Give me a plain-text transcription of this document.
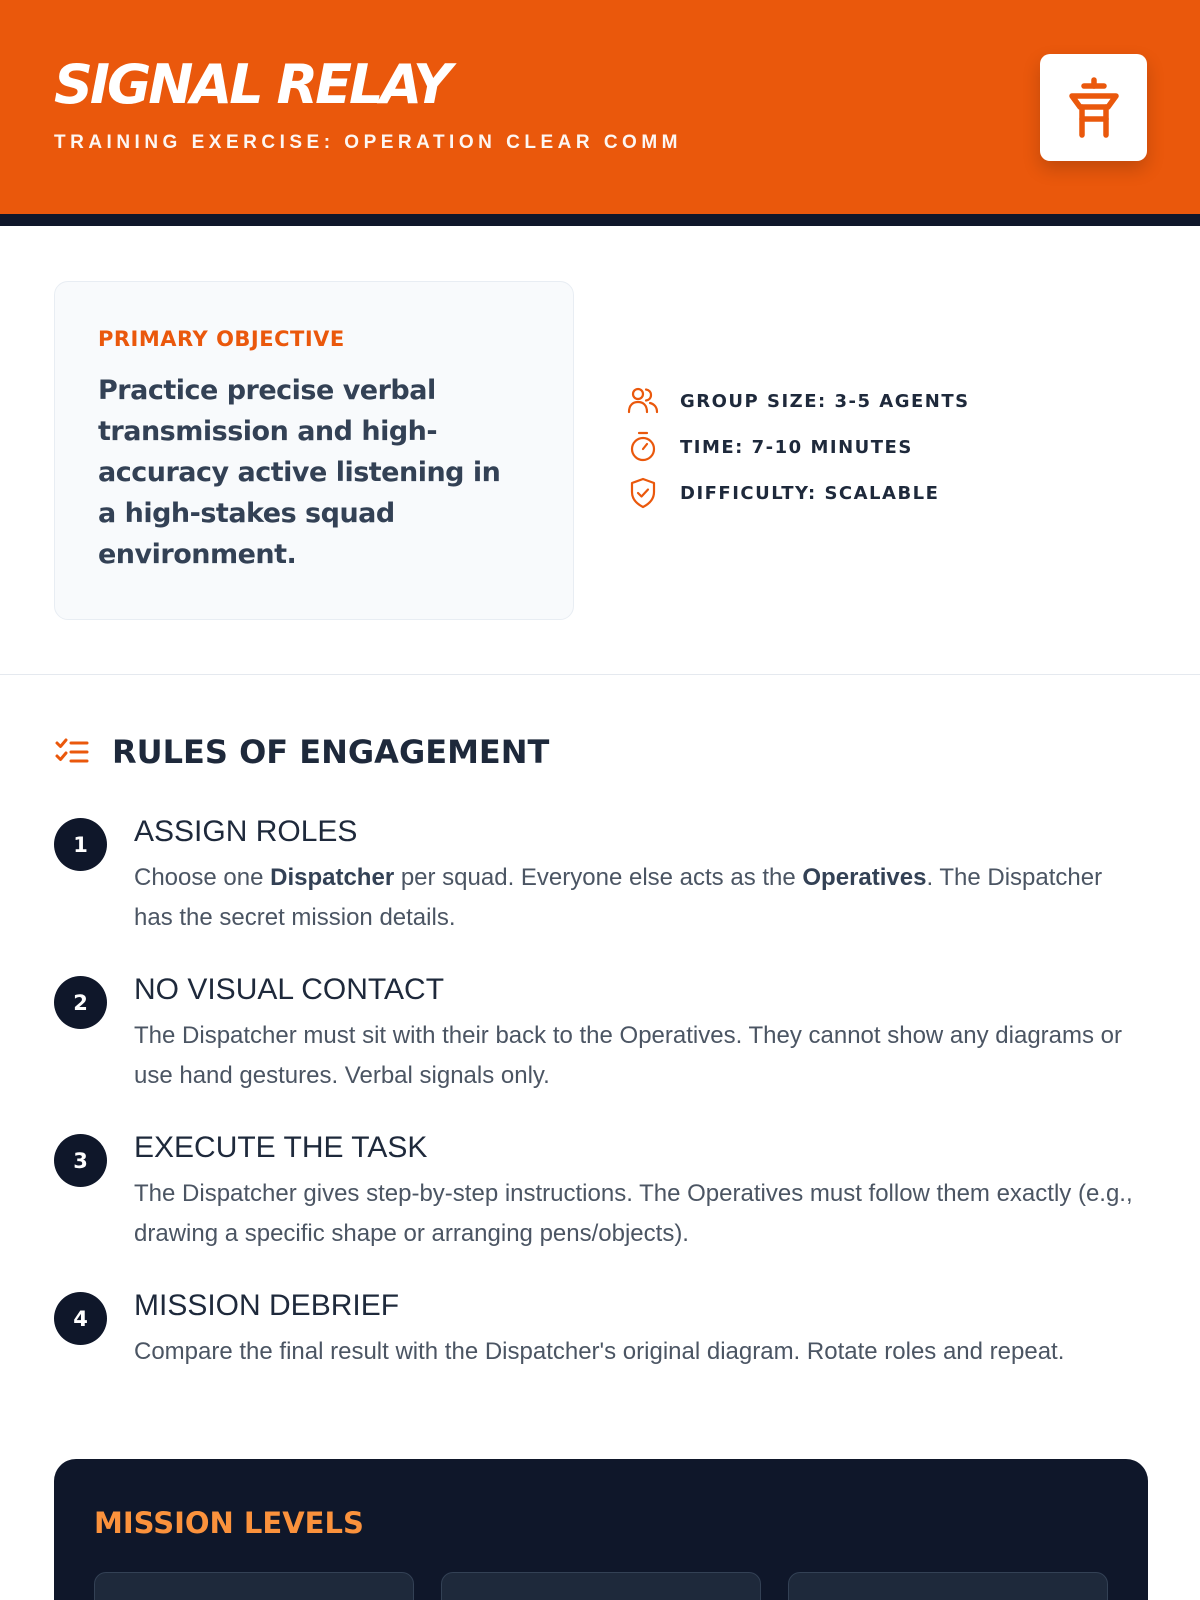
SIGNAL RELAY
TRAINING EXERCISE: OPERATION CLEAR COMM
PRIMARY OBJECTIVE

Practice precise verbal transmission and high-accuracy active listening in a high-stakes squad environment.

GROUP SIZE: 3-5 AGENTS
TIME: 7-10 MINUTES
DIFFICULTY: SCALABLE
RULES OF ENGAGEMENT
1	ASSIGN ROLES

Choose one Dispatcher per squad. Everyone else acts as the Operatives. The Dispatcher has the secret mission details.

2	NO VISUAL CONTACT

The Dispatcher must sit with their back to the Operatives. They cannot show any diagrams or use hand gestures. Verbal signals only.

3	EXECUTE THE TASK

The Dispatcher gives step-by-step instructions. The Operatives must follow them exactly (e.g., drawing a specific shape or arranging pens/objects).

4	MISSION DEBRIEF

Compare the final result with the Dispatcher's original diagram. Rotate roles and repeat.

MISSION LEVELS
